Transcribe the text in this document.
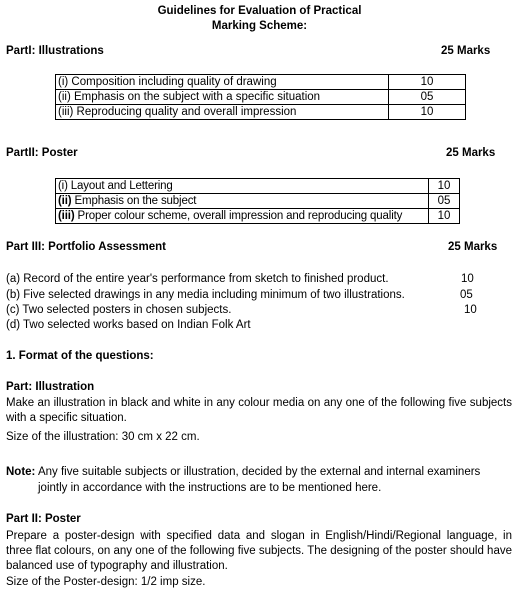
Guidelines for Evaluation of Practical
Marking Scheme:
PartI: Illustrations	25 Marks
(i) Composition including quality of drawing	10
(ii) Emphasis on the subject with a specific situation	05
(iii) Reproducing quality and overall impression	10
PartII: Poster	25 Marks
(i) Layout and Lettering	10
(ii) Emphasis on the subject	05
(iii) Proper colour scheme, overall impression and reproducing quality	10
Part III: Portfolio Assessment	25 Marks
(a) Record of the entire year's performance from sketch to finished product.	10
(b) Five selected drawings in any media including minimum of two illustrations.	05
(c) Two selected posters in chosen subjects.	10
(d) Two selected works based on Indian Folk Art
1. Format of the questions:
Part: Illustration
Make an illustration in black and white in any colour media on any one of the following five subjects with a specific situation.
Size of the illustration: 30 cm x 22 cm.
Note: Any five suitable subjects or illustration, decided by the external and internal examiners
jointly in accordance with the instructions are to be mentioned here.
Part II: Poster
Prepare a poster-design with specified data and slogan in English/Hindi/Regional language, in three flat colours, on any one of the following five subjects. The designing of the poster should have balanced use of typography and illustration.
Size of the Poster-design: 1/2 imp size.
